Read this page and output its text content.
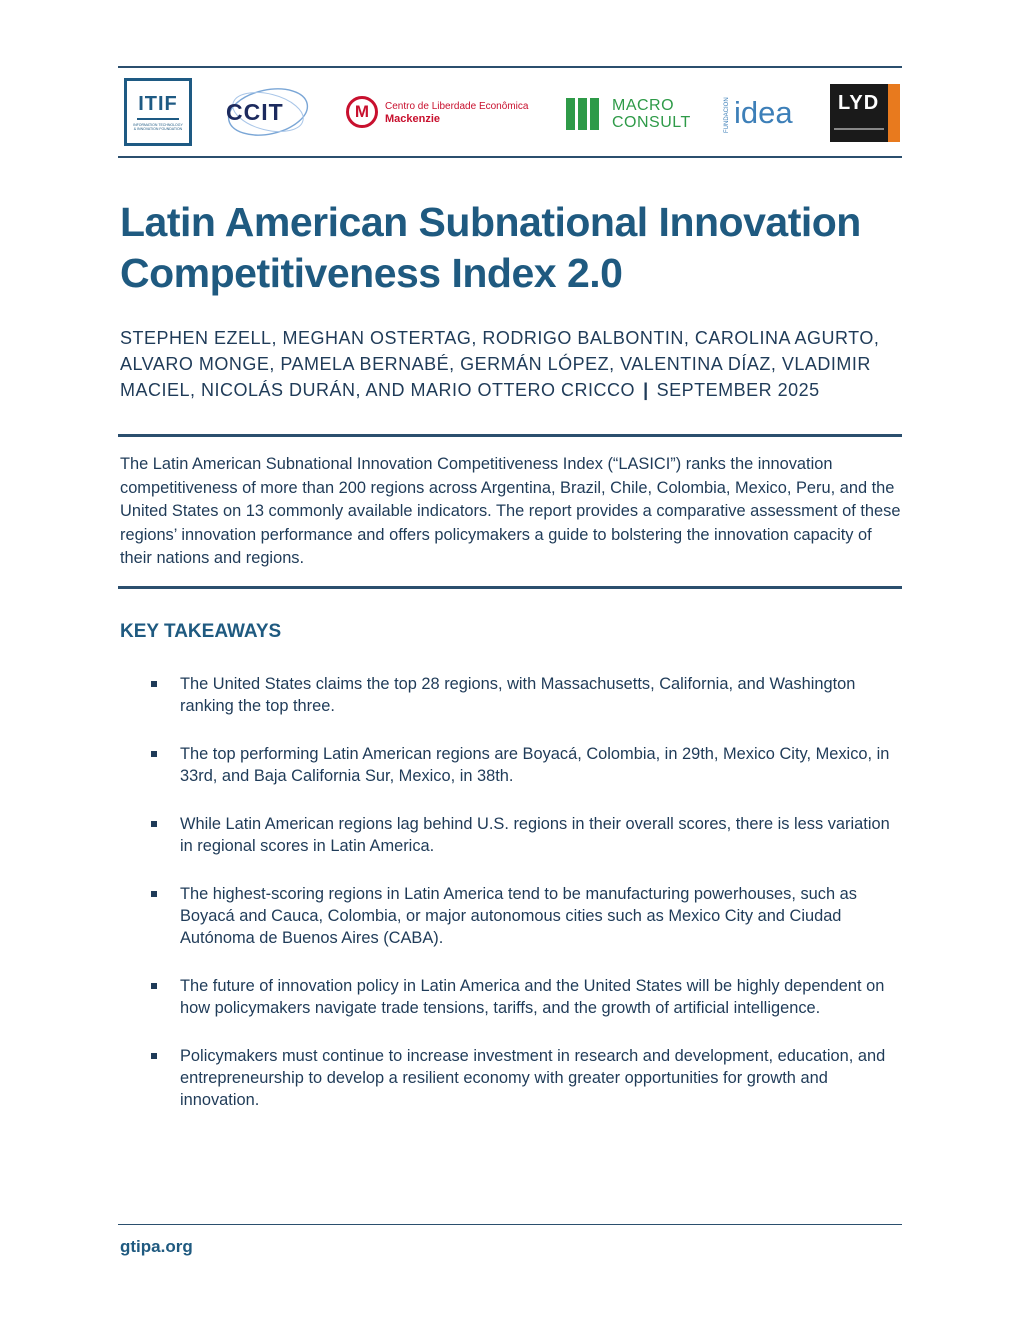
ITIF
INFORMATION TECHNOLOGY & INNOVATION FOUNDATION
CCIT	M	Centro de Liberdade Econômica
Mackenzie
MACRO
CONSULT	FUNDACIÓN idea LYD
Latin American Subnational Innovation Competitiveness Index 2.0

STEPHEN EZELL, MEGHAN OSTERTAG, RODRIGO BALBONTIN, CAROLINA AGURTO, ALVARO MONGE, PAMELA BERNABÉ, GERMÁN LÓPEZ, VALENTINA DÍAZ, VLADIMIR MACIEL, NICOLÁS DURÁN, AND MARIO OTTERO CRICCO | SEPTEMBER 2025

The Latin American Subnational Innovation Competitiveness Index (“LASICI”) ranks the innovation competitiveness of more than 200 regions across Argentina, Brazil, Chile, Colombia, Mexico, Peru, and the United States on 13 commonly available indicators. The report provides a comparative assessment of these regions’ innovation performance and offers policymakers a guide to bolstering the innovation capacity of their nations and regions.

KEY TAKEAWAYS
The United States claims the top 28 regions, with Massachusetts, California, and Washington ranking the top three.
The top performing Latin American regions are Boyacá, Colombia, in 29th, Mexico City, Mexico, in 33rd, and Baja California Sur, Mexico, in 38th.
While Latin American regions lag behind U.S. regions in their overall scores, there is less variation in regional scores in Latin America.
The highest-scoring regions in Latin America tend to be manufacturing powerhouses, such as Boyacá and Cauca, Colombia, or major autonomous cities such as Mexico City and Ciudad Autónoma de Buenos Aires (CABA).
The future of innovation policy in Latin America and the United States will be highly dependent on how policymakers navigate trade tensions, tariffs, and the growth of artificial intelligence.
Policymakers must continue to increase investment in research and development, education, and entrepreneurship to develop a resilient economy with greater opportunities for growth and innovation.
gtipa.org
